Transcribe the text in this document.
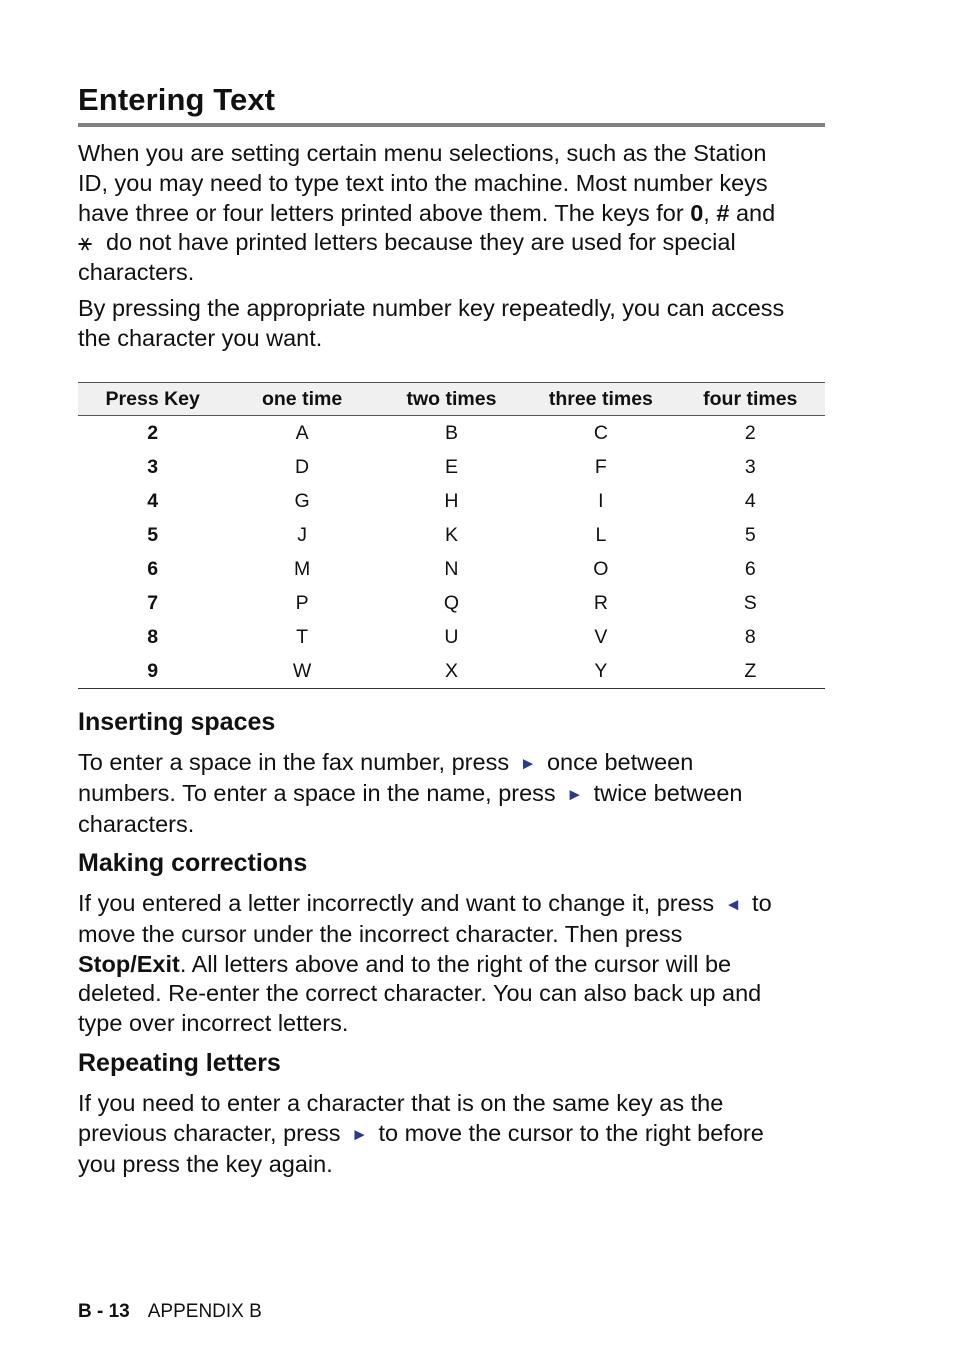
Entering Text

When you are setting certain menu selections, such as the Station
ID, you may need to type text into the machine. Most number keys
have three or four letters printed above them. The keys for 0, # and
⚹ do not have printed letters because they are used for special
characters.

By pressing the appropriate number key repeatedly, you can access
the character you want.

Press Key	one time	two times	three times	four times
2	A	B	C	2
3	D	E	F	3
4	G	H	I	4
5	J	K	L	5
6	M	N	O	6
7	P	Q	R	S
8	T	U	V	8
9	W	X	Y	Z
Inserting spaces

To enter a space in the fax number, press ► once between
numbers. To enter a space in the name, press ► twice between
characters.

Making corrections

If you entered a letter incorrectly and want to change it, press ◄ to
move the cursor under the incorrect character. Then press
Stop/Exit. All letters above and to the right of the cursor will be
deleted. Re-enter the correct character. You can also back up and
type over incorrect letters.

Repeating letters

If you need to enter a character that is on the same key as the
previous character, press ► to move the cursor to the right before
you press the key again.

B - 13 APPENDIX B
